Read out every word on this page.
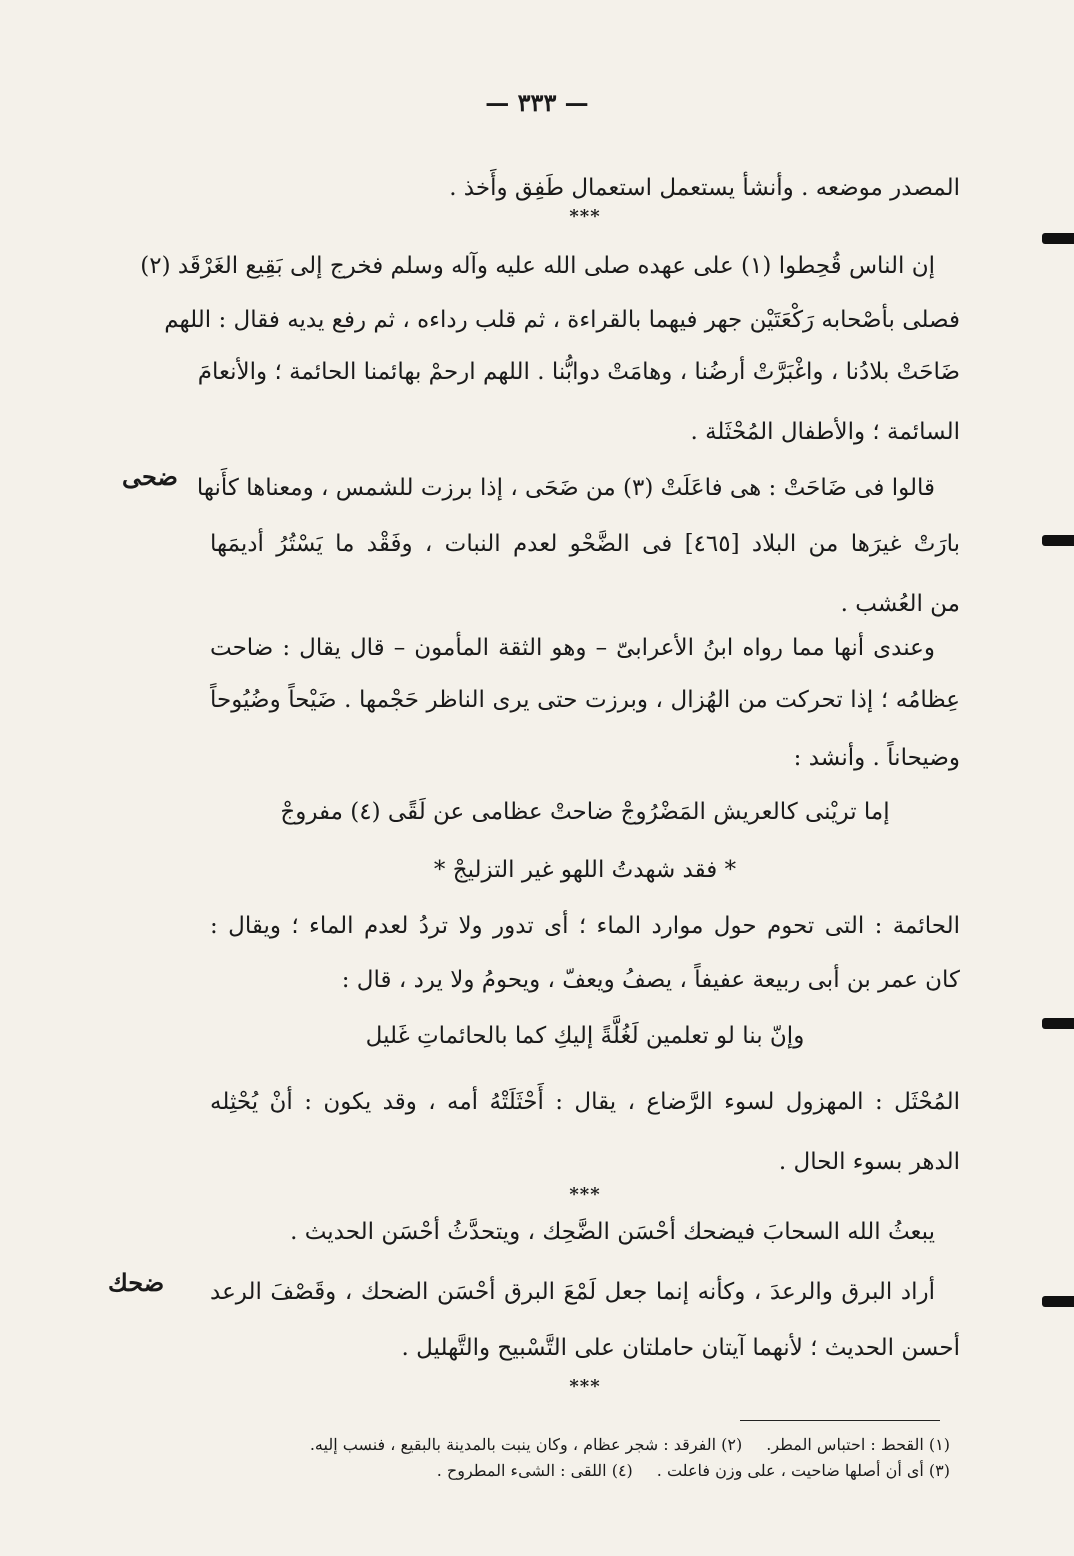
— ٣٣٣ —
المصدر موضعه . وأنشأ يستعمل استعمال طَفِق وأَخذ .
***
إن الناس قُحِطوا (١) على عهده صلى الله عليه وآله وسلم فخرج إلى بَقِيع الغَرْقَد (٢)
فصلى بأصْحابه رَكْعَتَيْن جهر فيهما بالقراءة ، ثم قلب رداءه ، ثم رفع يديه فقال : اللهم
ضَاحَتْ بلادُنا ، واغْبَرَّتْ أرضُنا ، وهامَتْ دوابُّنا . اللهم ارحمْ بهائمنا الحائمة ؛ والأنعامَ
السائمة ؛ والأطفال المُحْثَلة .
قالوا فى ضَاحَتْ : هى فاعَلَتْ (٣) من ضَحَى ، إذا برزت للشمس ، ومعناها كأَنها
بارَتْ غيرَها من البلاد [٤٦٥] فى الضَّحْو لعدم النبات ، وفَقْد ما يَسْتُرُ أديمَها
من العُشب .
وعندى أنها مما رواه ابنُ الأعرابىّ – وهو الثقة المأمون – قال يقال : ضاحت
عِظامُه ؛ إذا تحركت من الهُزال ، وبرزت حتى يرى الناظر حَجْمها . ضَيْحاً وضُيُوحاً
وضيحاناً . وأنشد :
إما تريْنى كالعريش المَضْرُوجْ ضاحتْ عظامى عن لَقًى (٤) مفروجْ
* فقد شهدتُ اللهو غير التزليجْ *
الحائمة : التى تحوم حول موارد الماء ؛ أى تدور ولا تردُ لعدم الماء ؛ ويقال :
كان عمر بن أبى ربيعة عفيفاً ، يصفُ ويعفّ ، ويحومُ ولا يرد ، قال :
وإنّ بنا لو تعلمين لَغُلَّةً إليكِ كما بالحائماتِ غَليل
المُحْثَل : المهزول لسوء الرَّضاع ، يقال : أَحْثَلَتْهُ أمه ، وقد يكون : أنْ يُحْثِله
الدهر بسوء الحال .
***
يبعثُ الله السحابَ فيضحك أحْسَن الضَّحِك ، ويتحدَّثُ أحْسَن الحديث .
أراد البرق والرعدَ ، وكأنه إنما جعل لَمْعَ البرق أحْسَن الضحك ، وقَصْفَ الرعد
أحسن الحديث ؛ لأنهما آيتان حاملتان على التَّسْبيح والتَّهليل .
***
ضحى
ضحك
(١) القحط : احتباس المطر.(٢) الفرقد : شجر عظام ، وكان ينبت بالمدينة بالبقيع ، فنسب إليه.
(٣) أى أن أصلها ضاحيت ، على وزن فاعلت .(٤) اللقى : الشىء المطروح .
